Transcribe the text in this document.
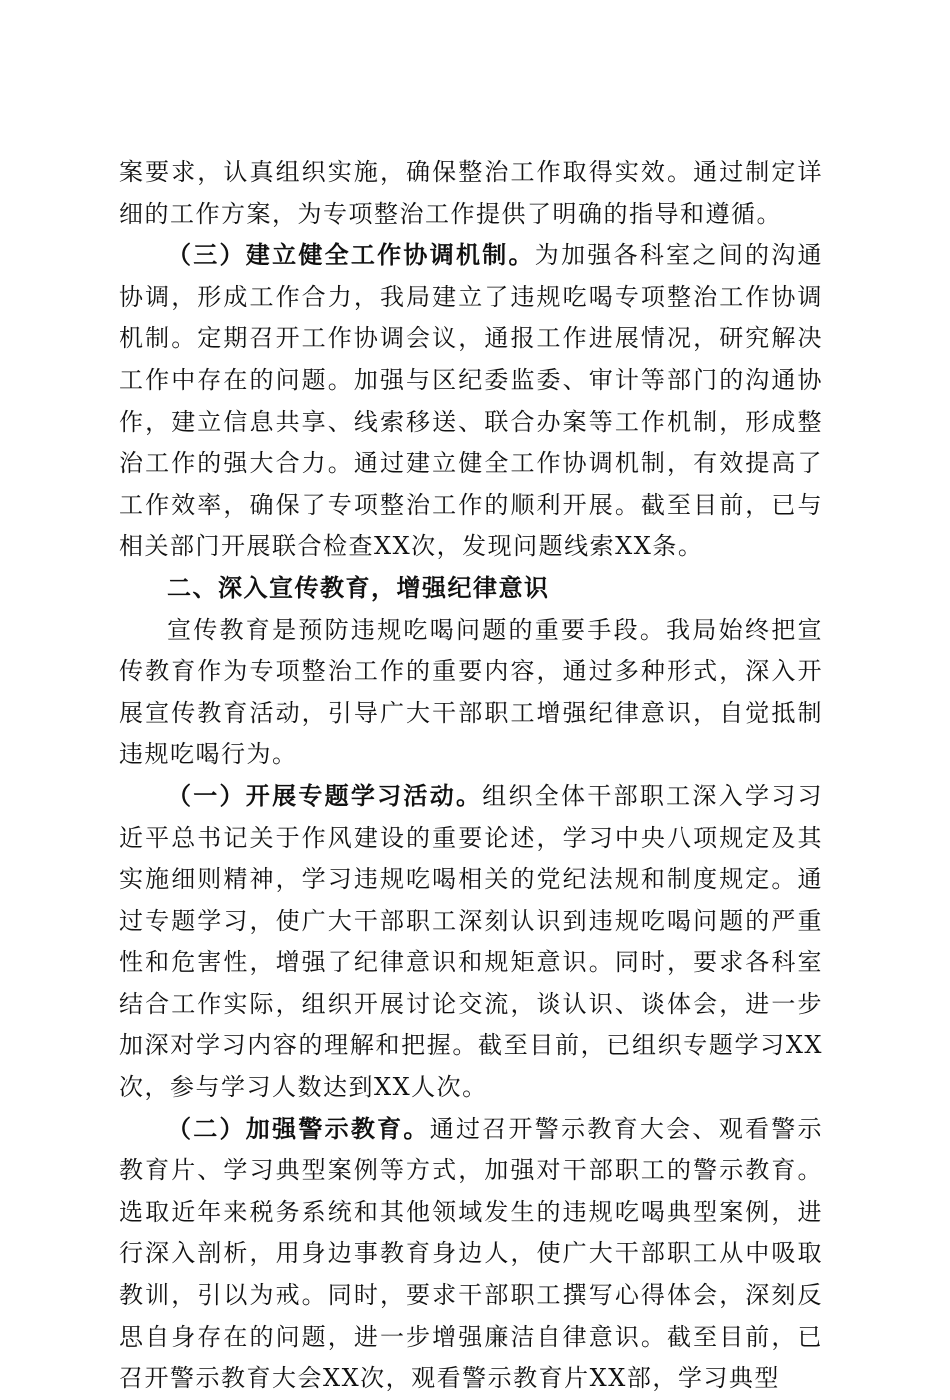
案要求，认真组织实施，确保整治工作取得实效。通过制定详细的工作方案，为专项整治工作提供了明确的指导和遵循。

（三）建立健全工作协调机制。为加强各科室之间的沟通协调，形成工作合力，我局建立了违规吃喝专项整治工作协调机制。定期召开工作协调会议，通报工作进展情况，研究解决工作中存在的问题。加强与区纪委监委、审计等部门的沟通协作，建立信息共享、线索移送、联合办案等工作机制，形成整治工作的强大合力。通过建立健全工作协调机制，有效提高了工作效率，确保了专项整治工作的顺利开展。截至目前，已与相关部门开展联合检查XX次，发现问题线索XX条。

二、深入宣传教育，增强纪律意识

宣传教育是预防违规吃喝问题的重要手段。我局始终把宣传教育作为专项整治工作的重要内容，通过多种形式，深入开展宣传教育活动，引导广大干部职工增强纪律意识，自觉抵制违规吃喝行为。

（一）开展专题学习活动。组织全体干部职工深入学习习近平总书记关于作风建设的重要论述，学习中央八项规定及其实施细则精神，学习违规吃喝相关的党纪法规和制度规定。通过专题学习，使广大干部职工深刻认识到违规吃喝问题的严重性和危害性，增强了纪律意识和规矩意识。同时，要求各科室结合工作实际，组织开展讨论交流，谈认识、谈体会，进一步加深对学习内容的理解和把握。截至目前，已组织专题学习XX次，参与学习人数达到XX人次。

（二）加强警示教育。通过召开警示教育大会、观看警示教育片、学习典型案例等方式，加强对干部职工的警示教育。选取近年来税务系统和其他领域发生的违规吃喝典型案例，进行深入剖析，用身边事教育身边人，使广大干部职工从中吸取教训，引以为戒。同时，要求干部职工撰写心得体会，深刻反思自身存在的问题，进一步增强廉洁自律意识。截至目前，已召开警示教育大会XX次，观看警示教育片XX部，学习典型
